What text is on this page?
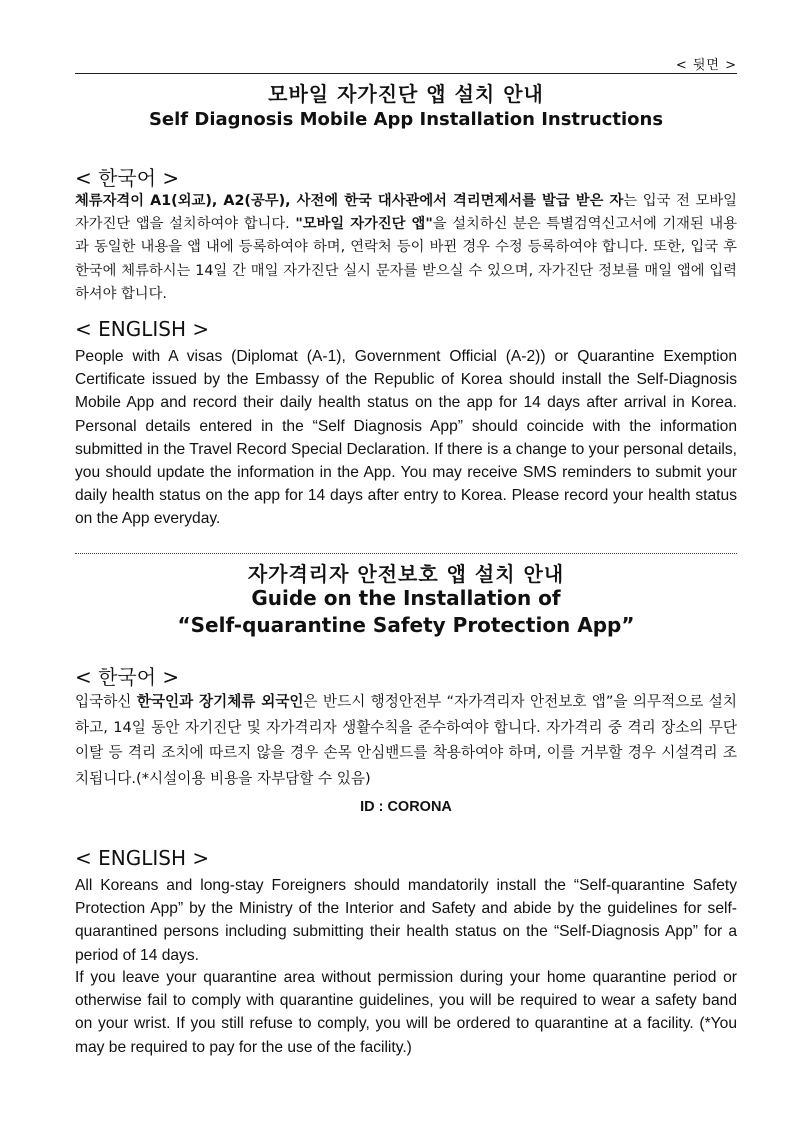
< 뒷면 >
모바일 자가진단 앱 설치 안내
Self Diagnosis Mobile App Installation Instructions
< 한국어 >

체류자격이 A1(외교), A2(공무), 사전에 한국 대사관에서 격리면제서를 발급 받은 자는 입국 전 모바일 자가진단 앱을 설치하여야 합니다. "모바일 자가진단 앱"을 설치하신 분은 특별검역신고서에 기재된 내용과 동일한 내용을 앱 내에 등록하여야 하며, 연락처 등이 바뀐 경우 수정 등록하여야 합니다. 또한, 입국 후 한국에 체류하시는 14일 간 매일 자가진단 실시 문자를 받으실 수 있으며, 자가진단 정보를 매일 앱에 입력하셔야 합니다.

< ENGLISH >

People with A visas (Diplomat (A-1), Government Official (A-2)) or Quarantine Exemption Certificate issued by the Embassy of the Republic of Korea should install the Self-Diagnosis Mobile App and record their daily health status on the app for 14 days after arrival in Korea. Personal details entered in the “Self Diagnosis App” should coincide with the information submitted in the Travel Record Special Declaration. If there is a change to your personal details, you should update the information in the App. You may receive SMS reminders to submit your daily health status on the app for 14 days after entry to Korea. Please record your health status on the App everyday.

자가격리자 안전보호 앱 설치 안내
Guide on the Installation of
“Self-quarantine Safety Protection App”
< 한국어 >

입국하신 한국인과 장기체류 외국인은 반드시 행정안전부 “자가격리자 안전보호 앱”을 의무적으로 설치하고, 14일 동안 자기진단 및 자가격리자 생활수칙을 준수하여야 합니다. 자가격리 중 격리 장소의 무단이탈 등 격리 조치에 따르지 않을 경우 손목 안심밴드를 착용하여야 하며, 이를 거부할 경우 시설격리 조치됩니다.(*시설이용 비용을 자부담할 수 있음)

ID : CORONA
< ENGLISH >

All Koreans and long-stay Foreigners should mandatorily install the “Self-quarantine Safety Protection App” by the Ministry of the Interior and Safety and abide by the guidelines for self-quarantined persons including submitting their health status on the “Self-Diagnosis App” for a period of 14 days.

If you leave your quarantine area without permission during your home quarantine period or otherwise fail to comply with quarantine guidelines, you will be required to wear a safety band on your wrist. If you still refuse to comply, you will be ordered to quarantine at a facility. (*You may be required to pay for the use of the facility.)
